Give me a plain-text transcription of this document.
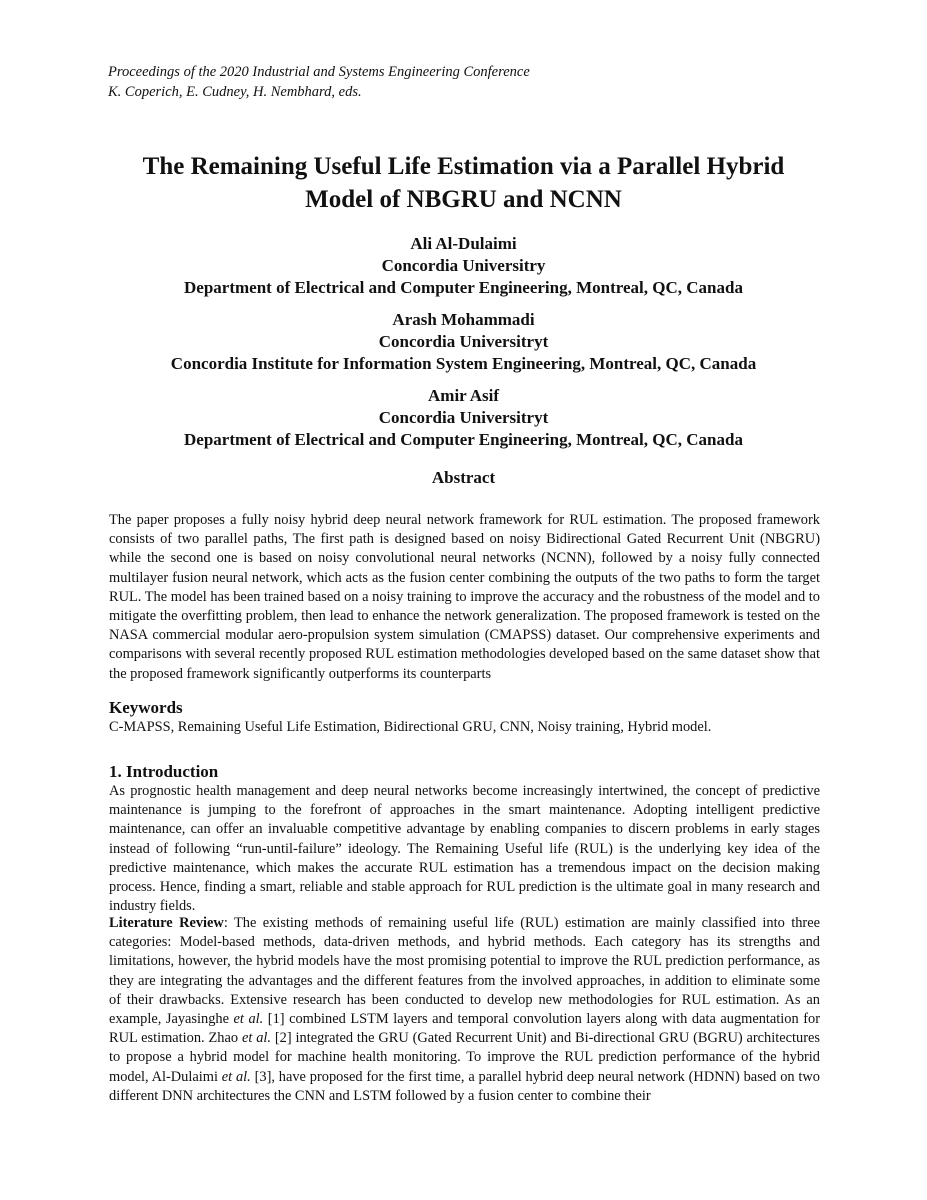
Proceedings of the 2020 Industrial and Systems Engineering Conference
K. Coperich, E. Cudney, H. Nembhard, eds.
The Remaining Useful Life Estimation via a Parallel Hybrid
Model of NBGRU and NCNN
Ali Al-Dulaimi
Concordia Universitry
Department of Electrical and Computer Engineering, Montreal, QC, Canada
Arash Mohammadi
Concordia Universitryt
Concordia Institute for Information System Engineering, Montreal, QC, Canada
Amir Asif
Concordia Universitryt
Department of Electrical and Computer Engineering, Montreal, QC, Canada
Abstract
The paper proposes a fully noisy hybrid deep neural network framework for RUL estimation. The proposed framework consists of two parallel paths, The first path is designed based on noisy Bidirectional Gated Recurrent Unit (NBGRU) while the second one is based on noisy convolutional neural networks (NCNN), followed by a noisy fully connected multilayer fusion neural network, which acts as the fusion center combining the outputs of the two paths to form the target RUL. The model has been trained based on a noisy training to improve the accuracy and the robustness of the model and to mitigate the overfitting problem, then lead to enhance the network generalization. The proposed framework is tested on the NASA commercial modular aero-propulsion system simulation (CMAPSS) dataset. Our comprehensive experiments and comparisons with several recently proposed RUL estimation methodologies developed based on the same dataset show that the proposed framework significantly outperforms its counterparts
Keywords
C-MAPSS, Remaining Useful Life Estimation, Bidirectional GRU, CNN, Noisy training, Hybrid model.
1. Introduction
As prognostic health management and deep neural networks become increasingly intertwined, the concept of predictive maintenance is jumping to the forefront of approaches in the smart maintenance. Adopting intelligent predictive maintenance, can offer an invaluable competitive advantage by enabling companies to discern problems in early stages instead of following “run-until-failure” ideology. The Remaining Useful life (RUL) is the underlying key idea of the predictive maintenance, which makes the accurate RUL estimation has a tremendous impact on the decision making process. Hence, finding a smart, reliable and stable approach for RUL prediction is the ultimate goal in many research and industry fields.
Literature Review: The existing methods of remaining useful life (RUL) estimation are mainly classified into three categories: Model-based methods, data-driven methods, and hybrid methods. Each category has its strengths and limitations, however, the hybrid models have the most promising potential to improve the RUL prediction performance, as they are integrating the advantages and the different features from the involved approaches, in addition to eliminate some of their drawbacks. Extensive research has been conducted to develop new methodologies for RUL estimation. As an example, Jayasinghe et al. [1] combined LSTM layers and temporal convolution layers along with data augmentation for RUL estimation. Zhao et al. [2] integrated the GRU (Gated Recurrent Unit) and Bi-directional GRU (BGRU) architectures to propose a hybrid model for machine health monitoring. To improve the RUL prediction performance of the hybrid model, Al-Dulaimi et al. [3], have proposed for the first time, a parallel hybrid deep neural network (HDNN) based on two different DNN architectures the CNN and LSTM followed by a fusion center to combine their
